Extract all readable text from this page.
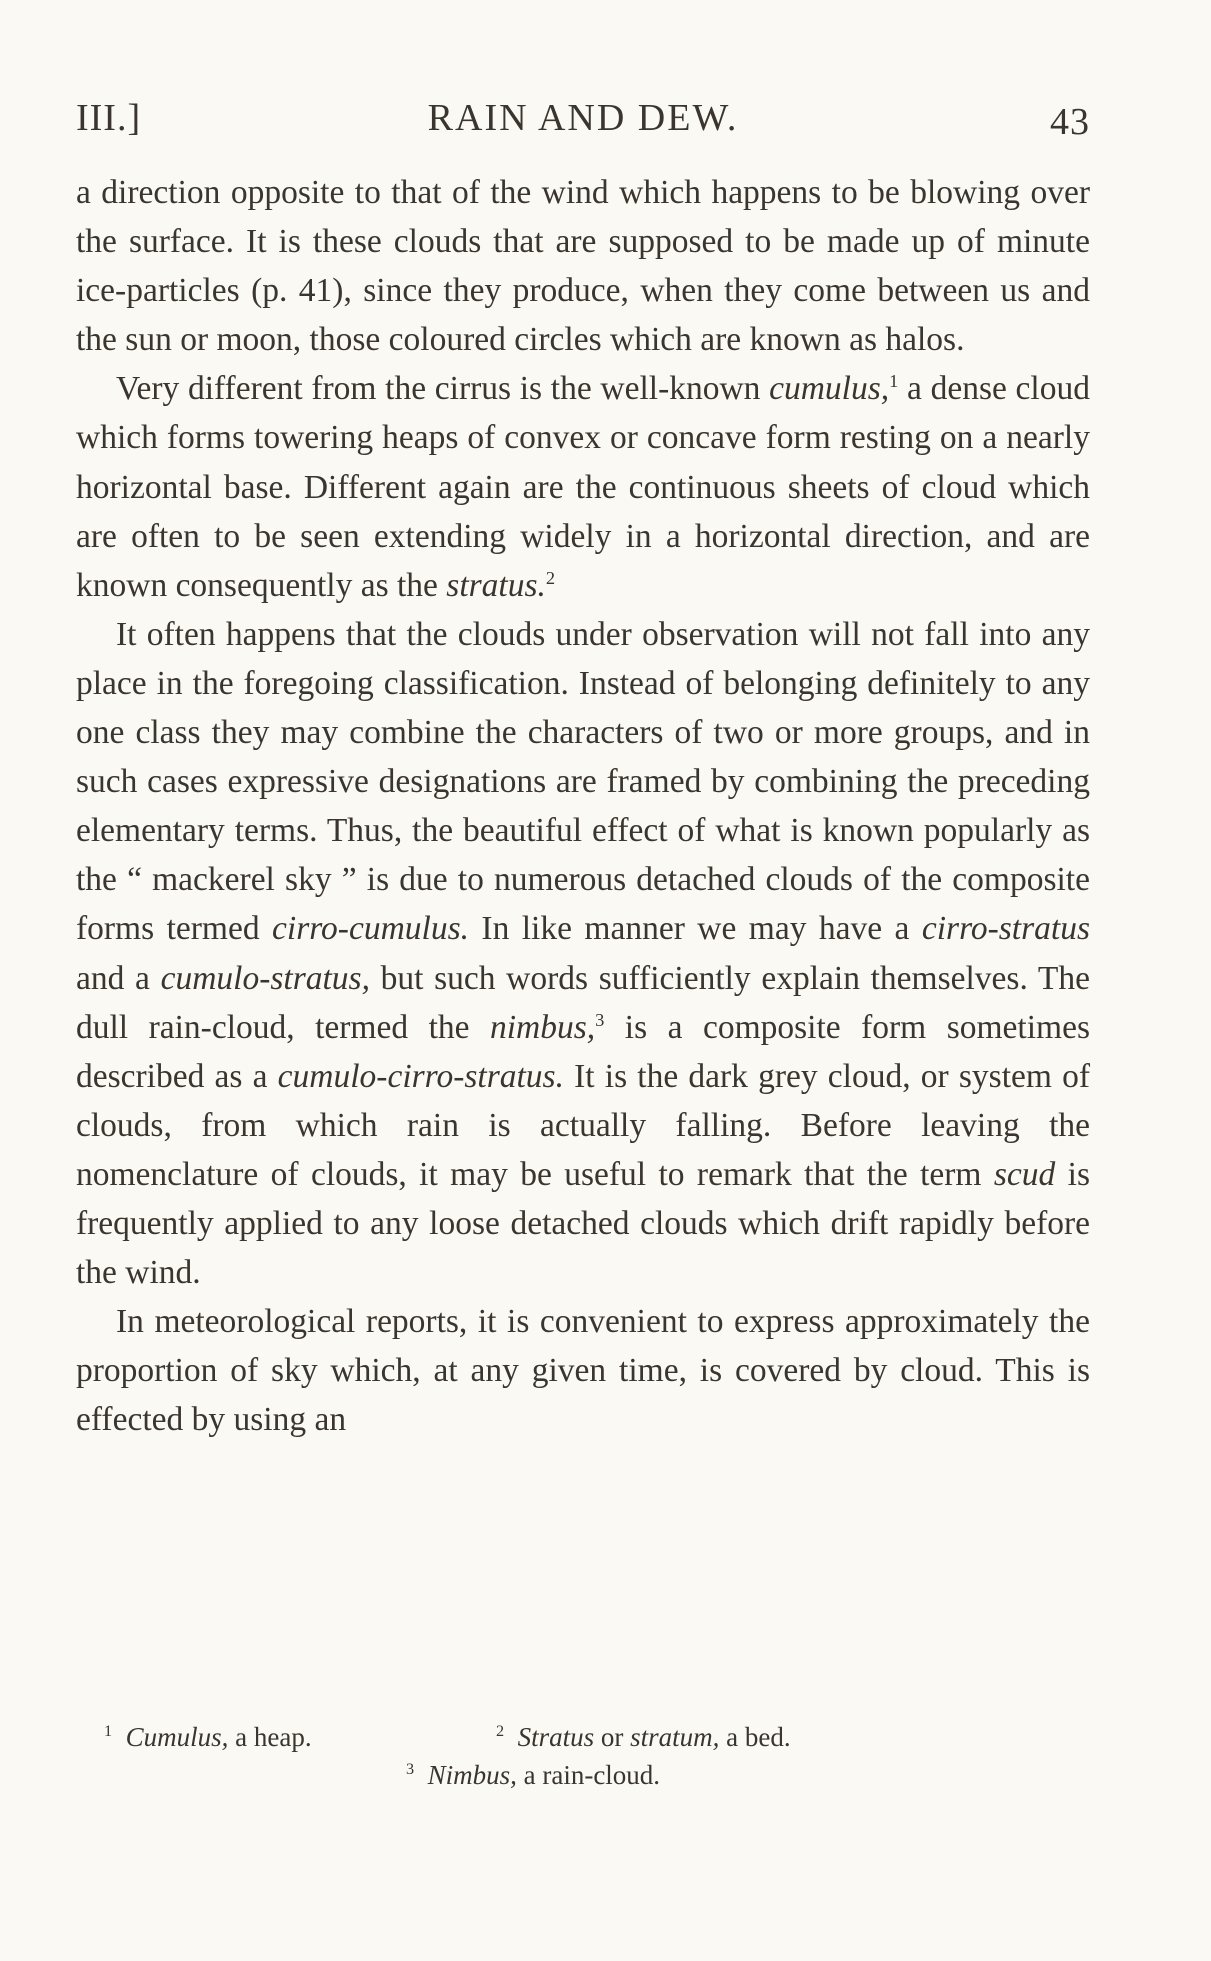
III.]	RAIN AND DEW.	43

a direction opposite to that of the wind which happens to be blowing over the surface. It is these clouds that are supposed to be made up of minute ice-particles (p. 41), since they produce, when they come between us and the sun or moon, those coloured circles which are known as halos.

Very different from the cirrus is the well-known cumulus,$^1$ a dense cloud which forms towering heaps of convex or concave form resting on a nearly horizontal base. Different again are the continuous sheets of cloud which are often to be seen extending widely in a horizontal direction, and are known consequently as the stratus.$^2$

It often happens that the clouds under observation will not fall into any place in the foregoing classification. Instead of belonging definitely to any one class they may combine the characters of two or more groups, and in such cases expressive designations are framed by combining the preceding elementary terms. Thus, the beautiful effect of what is known popularly as the “ mackerel sky ” is due to numerous detached clouds of the composite forms termed cirro-cumulus. In like manner we may have a cirro-stratus and a cumulo-stratus, but such words sufficiently explain themselves. The dull rain-cloud, termed the nimbus,$^3$ is a composite form sometimes described as a cumulo-cirro-stratus. It is the dark grey cloud, or system of clouds, from which rain is actually falling. Before leaving the nomenclature of clouds, it may be useful to remark that the term scud is frequently applied to any loose detached clouds which drift rapidly before the wind.

In meteorological reports, it is convenient to express approximately the proportion of sky which, at any given time, is covered by cloud. This is effected by using an

$^1$ Cumulus, a heap.	$^2$ Stratus or stratum, a bed.
$^3$ Nimbus, a rain-cloud.
